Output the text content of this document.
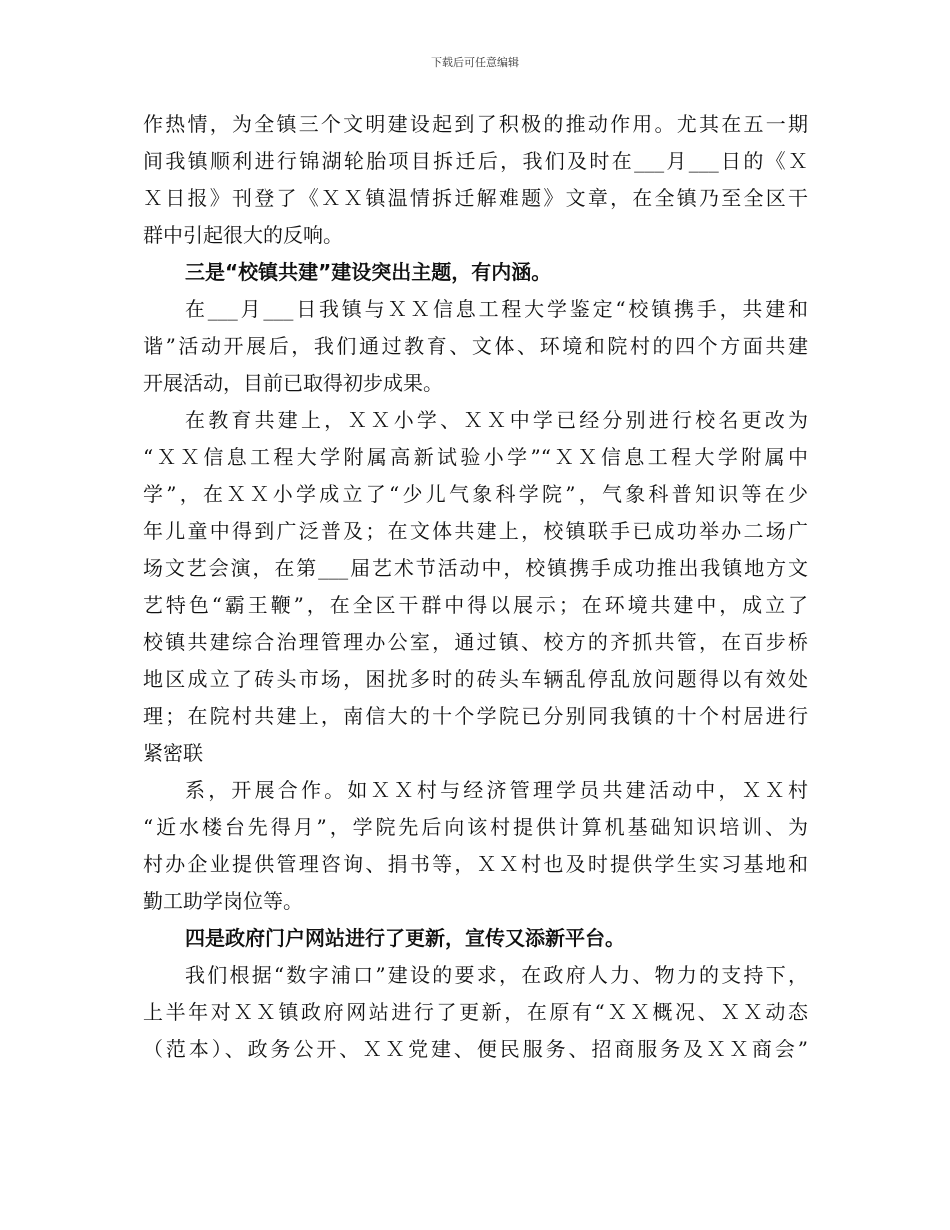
下载后可任意编辑
作热情，为全镇三个文明建设起到了积极的推动作用。尤其在五一期
间我镇顺利进行锦湖轮胎项目拆迁后，我们及时在___月___日的《Ｘ
Ｘ日报》刊登了《ＸＸ镇温情拆迁解难题》文章，在全镇乃至全区干
群中引起很大的反响。
三是“校镇共建”建设突出主题，有内涵。
在___月___日我镇与ＸＸ信息工程大学鉴定“校镇携手，共建和
谐”活动开展后，我们通过教育、文体、环境和院村的四个方面共建
开展活动，目前已取得初步成果。
在教育共建上，ＸＸ小学、ＸＸ中学已经分别进行校名更改为
“ＸＸ信息工程大学附属高新试验小学”“ＸＸ信息工程大学附属中
学”，在ＸＸ小学成立了“少儿气象科学院”，气象科普知识等在少
年儿童中得到广泛普及；在文体共建上，校镇联手已成功举办二场广
场文艺会演，在第___届艺术节活动中，校镇携手成功推出我镇地方文
艺特色“霸王鞭”，在全区干群中得以展示；在环境共建中，成立了
校镇共建综合治理管理办公室，通过镇、校方的齐抓共管，在百步桥
地区成立了砖头市场，困扰多时的砖头车辆乱停乱放问题得以有效处
理；在院村共建上，南信大的十个学院已分别同我镇的十个村居进行
紧密联
系，开展合作。如ＸＸ村与经济管理学员共建活动中，ＸＸ村
“近水楼台先得月”，学院先后向该村提供计算机基础知识培训、为
村办企业提供管理咨询、捐书等，ＸＸ村也及时提供学生实习基地和
勤工助学岗位等。
四是政府门户网站进行了更新，宣传又添新平台。
我们根据“数字浦口”建设的要求，在政府人力、物力的支持下，
上半年对ＸＸ镇政府网站进行了更新，在原有“ＸＸ概况、ＸＸ动态
（范本）、政务公开、ＸＸ党建、便民服务、招商服务及ＸＸ商会”
